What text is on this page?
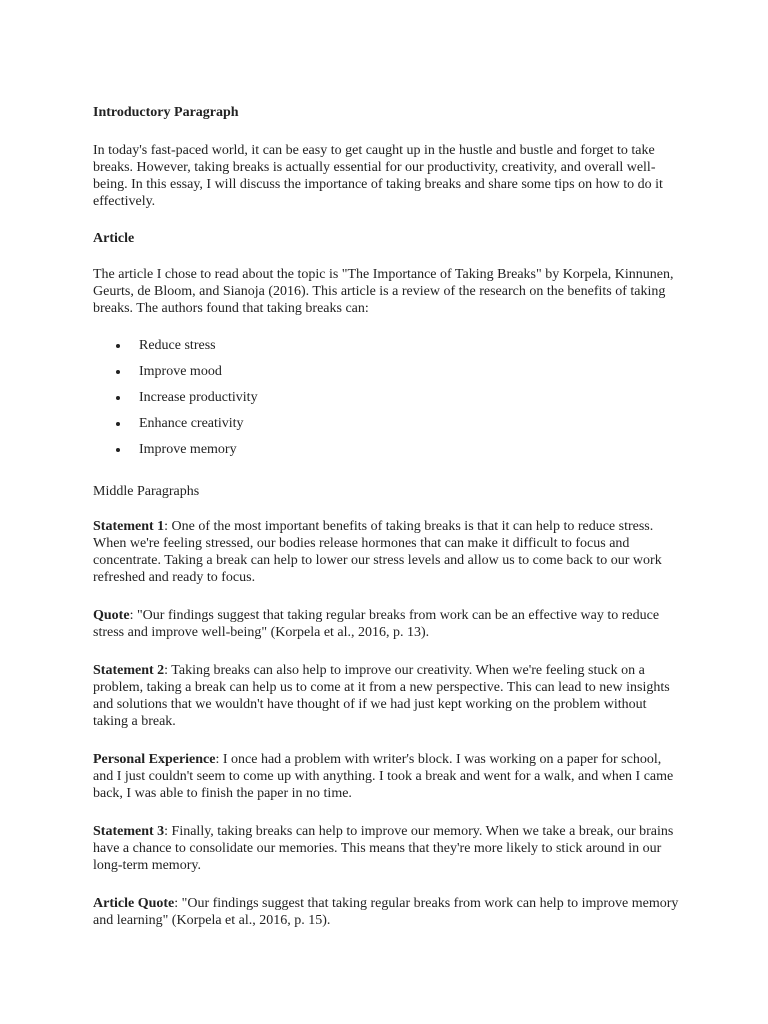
Introductory Paragraph

In today's fast-paced world, it can be easy to get caught up in the hustle and bustle and forget to take breaks. However, taking breaks is actually essential for our productivity, creativity, and overall well-being. In this essay, I will discuss the importance of taking breaks and share some tips on how to do it effectively.

Article

The article I chose to read about the topic is "The Importance of Taking Breaks" by Korpela, Kinnunen, Geurts, de Bloom, and Sianoja (2016). This article is a review of the research on the benefits of taking breaks. The authors found that taking breaks can:

Reduce stress
Improve mood
Increase productivity
Enhance creativity
Improve memory

Middle Paragraphs

Statement 1: One of the most important benefits of taking breaks is that it can help to reduce stress. When we're feeling stressed, our bodies release hormones that can make it difficult to focus and concentrate. Taking a break can help to lower our stress levels and allow us to come back to our work refreshed and ready to focus.

Quote: "Our findings suggest that taking regular breaks from work can be an effective way to reduce stress and improve well-being" (Korpela et al., 2016, p. 13).

Statement 2: Taking breaks can also help to improve our creativity. When we're feeling stuck on a problem, taking a break can help us to come at it from a new perspective. This can lead to new insights and solutions that we wouldn't have thought of if we had just kept working on the problem without taking a break.

Personal Experience: I once had a problem with writer's block. I was working on a paper for school, and I just couldn't seem to come up with anything. I took a break and went for a walk, and when I came back, I was able to finish the paper in no time.

Statement 3: Finally, taking breaks can help to improve our memory. When we take a break, our brains have a chance to consolidate our memories. This means that they're more likely to stick around in our long-term memory.

Article Quote: "Our findings suggest that taking regular breaks from work can help to improve memory and learning" (Korpela et al., 2016, p. 15).
